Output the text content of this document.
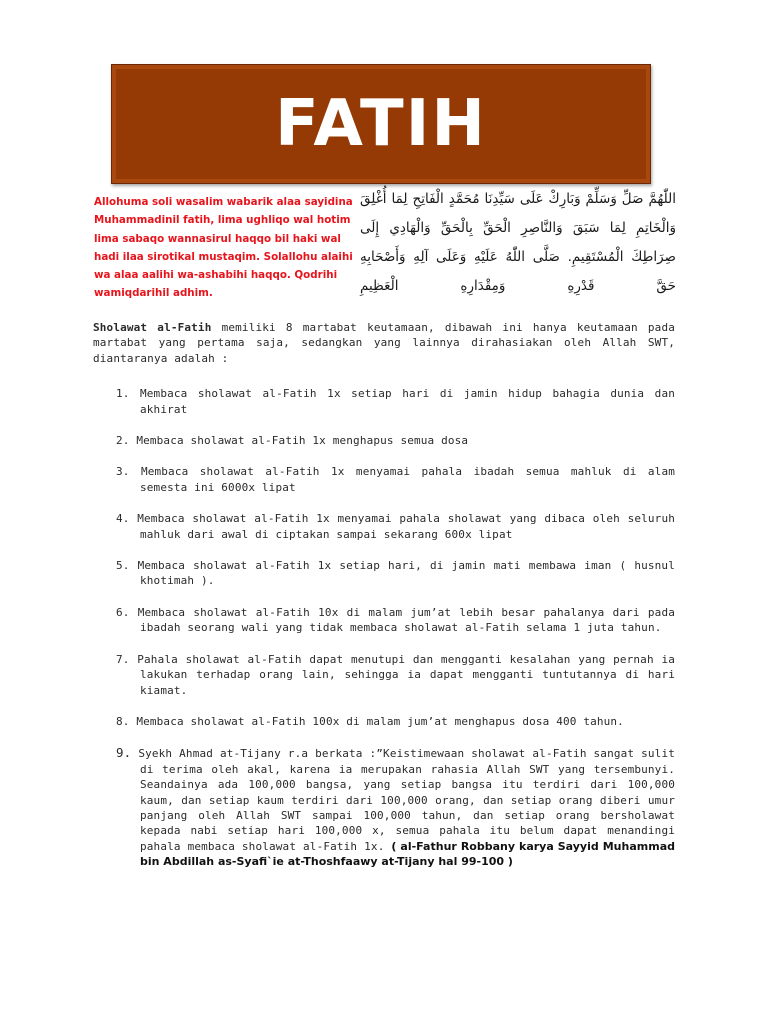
FATIH

Allohuma soli wasalim wabarik alaa sayidina Muhammadinil fatih, lima ughliqo wal hotim lima sabaqo wannasirul haqqo bil haki wal hadi ilaa sirotikal mustaqim. Solallohu alaihi wa alaa aalihi wa-ashabihi haqqo. Qodrihi wamiqdarihil adhim.

اللّٰهُمَّ صَلِّ وَسَلِّمْ وَبَارِكْ عَلَى سَيِّدِنَا مُحَمَّدٍ الْفَاتِحِ لِمَا أُغْلِقَ وَالْخَاتِمِ لِمَا سَبَقَ وَالنَّاصِرِ الْحَقِّ بِالْحَقِّ وَالْهَادِي إِلَى صِرَاطِكَ الْمُسْتَقِيمِ. صَلَّى اللّٰهُ عَلَيْهِ وَعَلَى آلِهِ وَأَصْحَابِهِ حَقَّ قَدْرِهِ وَمِقْدَارِهِ الْعَظِيمِ

Sholawat al-Fatih memiliki 8 martabat keutamaan, dibawah ini hanya keutamaan pada martabat yang pertama saja, sedangkan yang lainnya dirahasiakan oleh Allah SWT, diantaranya adalah :

1. Membaca sholawat al-Fatih 1x setiap hari di jamin hidup bahagia dunia dan akhirat
2. Membaca sholawat al-Fatih 1x menghapus semua dosa
3. Membaca sholawat al-Fatih 1x menyamai pahala ibadah semua mahluk di alam semesta ini 6000x lipat
4. Membaca sholawat al-Fatih 1x menyamai pahala sholawat yang dibaca oleh seluruh mahluk dari awal di ciptakan sampai sekarang 600x lipat
5. Membaca sholawat al-Fatih 1x setiap hari, di jamin mati membawa iman ( husnul khotimah ).
6. Membaca sholawat al-Fatih 10x di malam jum’at lebih besar pahalanya dari pada ibadah seorang wali yang tidak membaca sholawat al-Fatih selama 1 juta tahun.
7. Pahala sholawat al-Fatih dapat menutupi dan mengganti kesalahan yang pernah ia lakukan terhadap orang lain, sehingga ia dapat mengganti tuntutannya di hari kiamat.
8. Membaca sholawat al-Fatih 100x di malam jum’at menghapus dosa 400 tahun.
9. Syekh Ahmad at-Tijany r.a berkata :”Keistimewaan sholawat al-Fatih sangat sulit di terima oleh akal, karena ia merupakan rahasia Allah SWT yang tersembunyi. Seandainya ada 100,000 bangsa, yang setiap bangsa itu terdiri dari 100,000 kaum, dan setiap kaum terdiri dari 100,000 orang, dan setiap orang diberi umur panjang oleh Allah SWT sampai 100,000 tahun, dan setiap orang bersholawat kepada nabi setiap hari 100,000 x, semua pahala itu belum dapat menandingi pahala membaca sholawat al-Fatih 1x. ( al-Fathur Robbany karya Sayyid Muhammad bin Abdillah as-Syafi`ie at-Thoshfaawy at-Tijany hal 99-100 )
